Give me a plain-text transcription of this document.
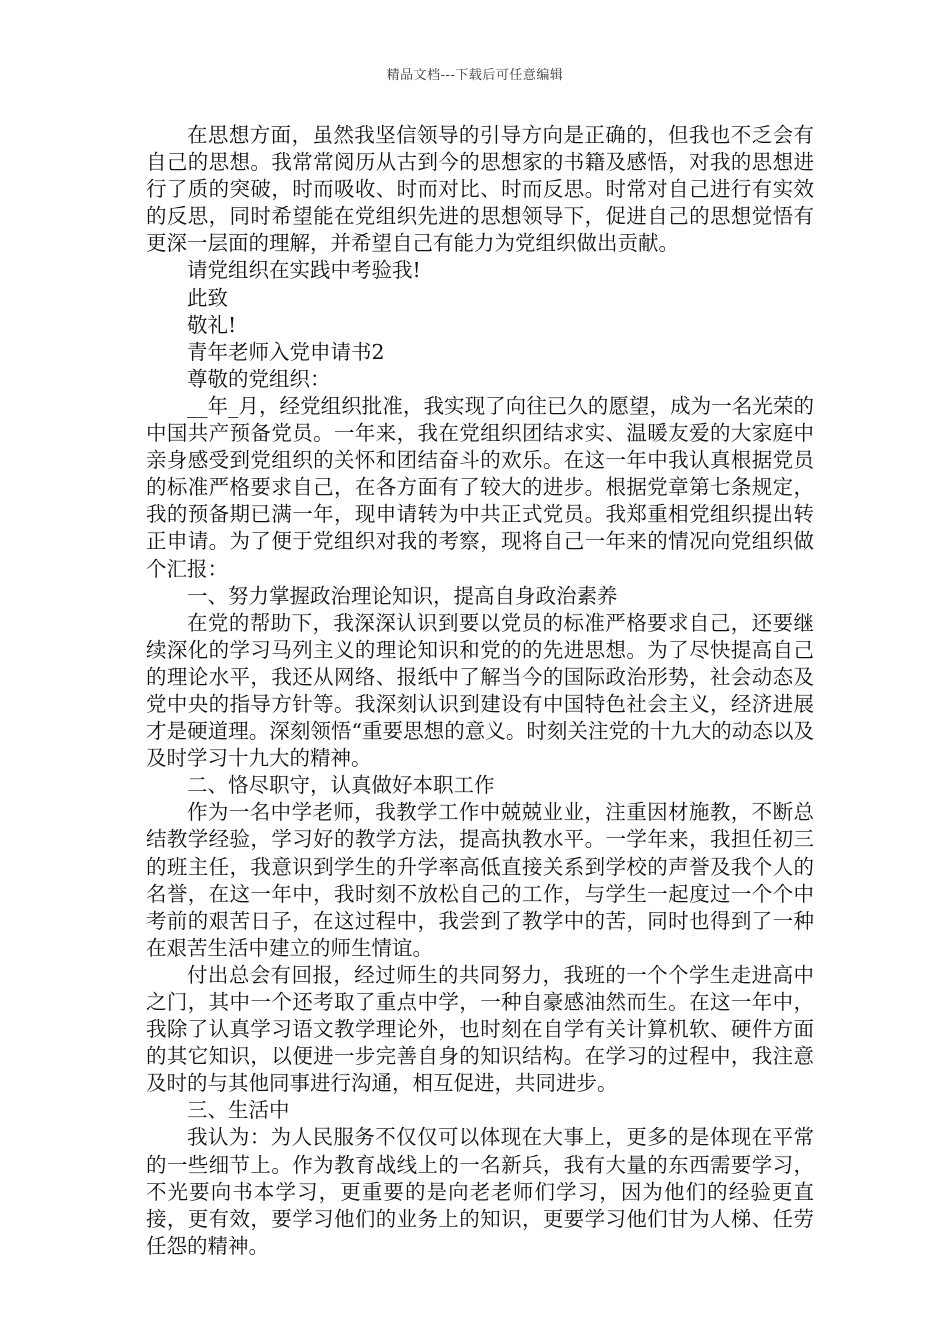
精品文档---下载后可任意编辑

在思想方面，虽然我坚信领导的引导方向是正确的，但我也不乏会有自己的思想。我常常阅历从古到今的思想家的书籍及感悟，对我的思想进行了质的突破，时而吸收、时而对比、时而反思。时常对自己进行有实效的反思，同时希望能在党组织先进的思想领导下，促进自己的思想觉悟有更深一层面的理解，并希望自己有能力为党组织做出贡献。

请党组织在实践中考验我!

此致

敬礼!

青年老师入党申请书2

尊敬的党组织：

__年_月，经党组织批准，我实现了向往已久的愿望，成为一名光荣的中国共产预备党员。一年来，我在党组织团结求实、温暖友爱的大家庭中亲身感受到党组织的关怀和团结奋斗的欢乐。在这一年中我认真根据党员的标准严格要求自己，在各方面有了较大的进步。根据党章第七条规定，我的预备期已满一年，现申请转为中共正式党员。我郑重相党组织提出转正申请。为了便于党组织对我的考察，现将自己一年来的情况向党组织做个汇报：

一、努力掌握政治理论知识，提高自身政治素养

在党的帮助下，我深深认识到要以党员的标准严格要求自己，还要继续深化的学习马列主义的理论知识和党的的先进思想。为了尽快提高自己的理论水平，我还从网络、报纸中了解当今的国际政治形势，社会动态及党中央的指导方针等。我深刻认识到建设有中国特色社会主义，经济进展才是硬道理。深刻领悟“重要思想的意义。时刻关注党的十九大的动态以及及时学习十九大的精神。

二、恪尽职守，认真做好本职工作

作为一名中学老师，我教学工作中兢兢业业，注重因材施教，不断总结教学经验，学习好的教学方法，提高执教水平。一学年来，我担任初三的班主任，我意识到学生的升学率高低直接关系到学校的声誉及我个人的名誉，在这一年中，我时刻不放松自己的工作，与学生一起度过一个个中考前的艰苦日子，在这过程中，我尝到了教学中的苦，同时也得到了一种在艰苦生活中建立的师生情谊。

付出总会有回报，经过师生的共同努力，我班的一个个学生走进高中之门，其中一个还考取了重点中学，一种自豪感油然而生。在这一年中，我除了认真学习语文教学理论外，也时刻在自学有关计算机软、硬件方面的其它知识，以便进一步完善自身的知识结构。在学习的过程中，我注意及时的与其他同事进行沟通，相互促进，共同进步。

三、生活中

我认为：为人民服务不仅仅可以体现在大事上，更多的是体现在平常的一些细节上。作为教育战线上的一名新兵，我有大量的东西需要学习，不光要向书本学习，更重要的是向老老师们学习，因为他们的经验更直接，更有效，要学习他们的业务上的知识，更要学习他们甘为人梯、任劳任怨的精神。
